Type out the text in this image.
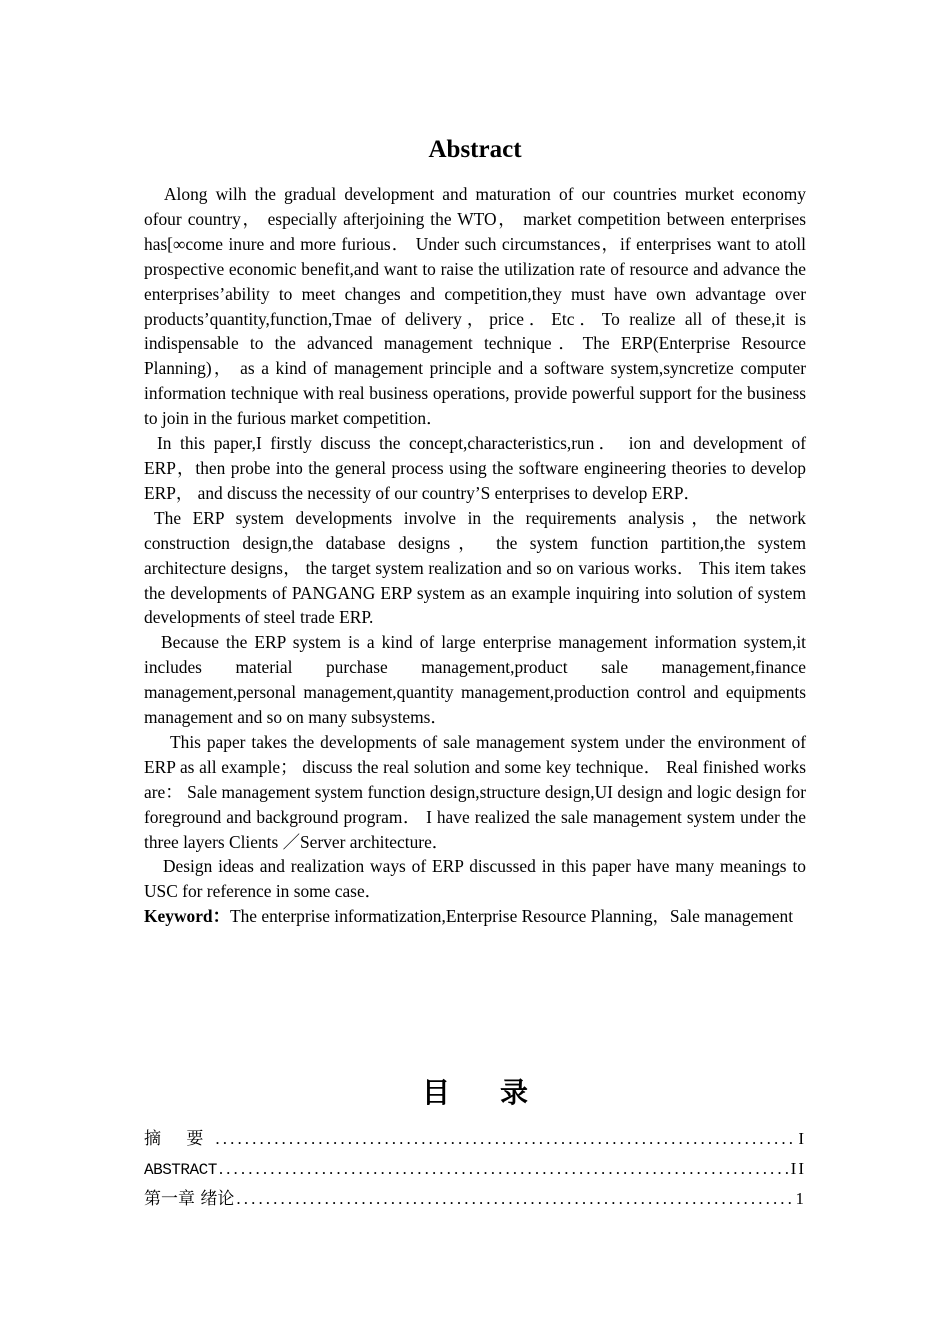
Abstract

Along wilh the gradual development and maturation of our countries murket economy ofour country， especially afterjoining the WTO， market competition between enterprises has[∞come inure and more furious． Under such circumstances，if enterprises want to atoll prospective economic benefit,and want to raise the utilization rate of resource and advance the enterprises’ability to meet changes and competition,they must have own advantage over products’quantity,function,Tmae of delivery，price．Etc．To realize all of these,it is indispensable to the advanced management technique．The ERP(Enterprise Resource Planning)， as a kind of management principle and a software system,syncretize computer information technique with real business operations, provide powerful support for the business to join in the furious market competition．

In this paper,I firstly discuss the concept,characteristics,run． ion and development of ERP，then probe into the general process using the software engineering theories to develop ERP， and discuss the necessity of our country’S enterprises to develop ERP．

The ERP system developments involve in the requirements analysis，the network construction design,the database designs， the system function partition,the system architecture designs， the target system realization and so on various works． This item takes the developments of PANGANG ERP system as an example inquiring into solution of system developments of steel trade ERP.

Because the ERP system is a kind of large enterprise management information system,it includes material purchase management,product sale management,finance management,personal management,quantity management,production control and equipments management and so on many subsystems．

This paper takes the developments of sale management system under the environment of ERP as all example； discuss the real solution and some key technique． Real finished works are： Sale management system function design,structure design,UI design and logic design for foreground and background program． I have realized the sale management system under the three layers Clients ／Server architecture．

Design ideas and realization ways of ERP discussed in this paper have many meanings to USC for reference in some case．

Keyword：The enterprise informatization,Enterprise Resource Planning，Sale management

目录
摘 要 .....	I
ABSTRACT .....	II
第一章 绪论 .....	1
